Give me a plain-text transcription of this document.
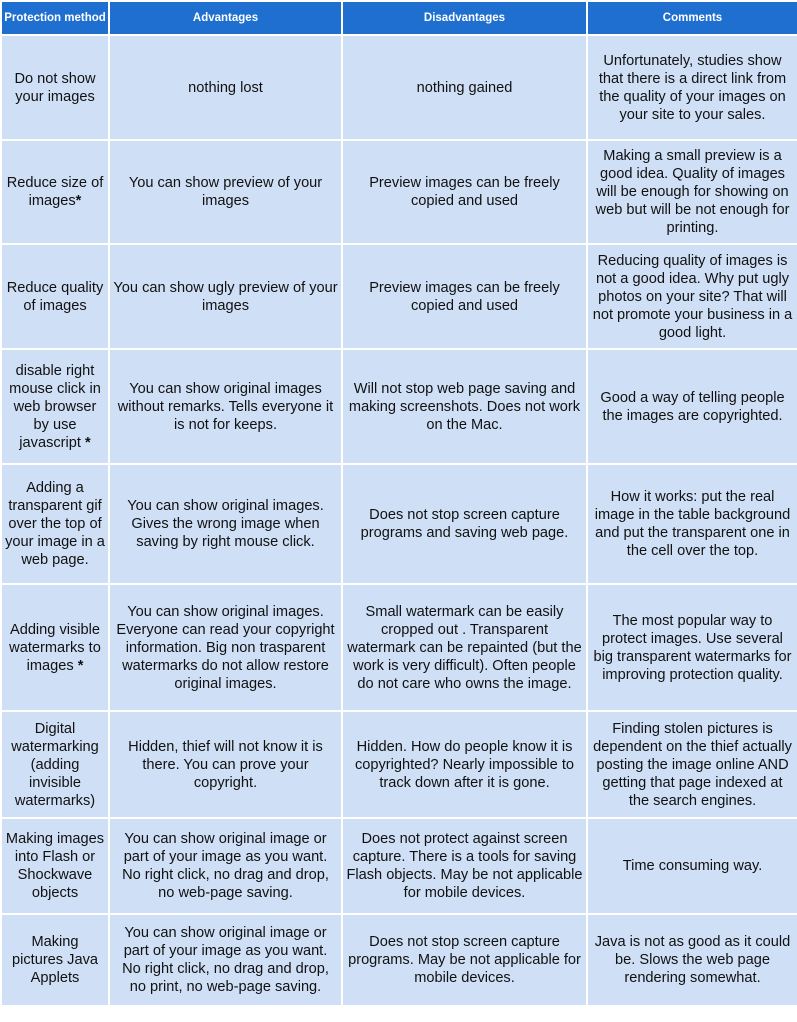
Protection method	Advantages	Disadvantages	Comments
Do not show your images	nothing lost	nothing gained	Unfortunately, studies show that there is a direct link from the quality of your images on your site to your sales.
Reduce size of images*	You can show preview of your images	Preview images can be freely copied and used	Making a small preview is a good idea. Quality of images will be enough for showing on web but will be not enough for printing.
Reduce quality of images	You can show ugly preview of your images	Preview images can be freely copied and used	Reducing quality of images is not a good idea. Why put ugly photos on your site? That will not promote your business in a good light.
disable right mouse click in web browser by use javascript *	You can show original images without remarks. Tells everyone it is not for keeps.	Will not stop web page saving and making screenshots. Does not work on the Mac.	Good a way of telling people the images are copyrighted.
Adding a transparent gif over the top of your image in a web page.	You can show original images. Gives the wrong image when saving by right mouse click.	Does not stop screen capture programs and saving web page.	How it works: put the real image in the table background and put the transparent one in the cell over the top.
Adding visible watermarks to images *	You can show original images. Everyone can read your copyright information. Big non trasparent watermarks do not allow restore original images.	Small watermark can be easily cropped out . Transparent watermark can be repainted (but the work is very difficult). Often people do not care who owns the image.	The most popular way to protect images. Use several big transparent watermarks for improving protection quality.
Digital watermarking (adding invisible watermarks)	Hidden, thief will not know it is there. You can prove your copyright.	Hidden. How do people know it is copyrighted? Nearly impossible to track down after it is gone.	Finding stolen pictures is dependent on the thief actually posting the image online AND getting that page indexed at the search engines.
Making images into Flash or Shockwave objects	You can show original image or part of your image as you want. No right click, no drag and drop, no web-page saving.	Does not protect against screen capture. There is a tools for saving Flash objects. May be not applicable for mobile devices.	Time consuming way.
Making pictures Java Applets	You can show original image or part of your image as you want. No right click, no drag and drop, no print, no web-page saving.	Does not stop screen capture programs. May be not applicable for mobile devices.	Java is not as good as it could be. Slows the web page rendering somewhat.
